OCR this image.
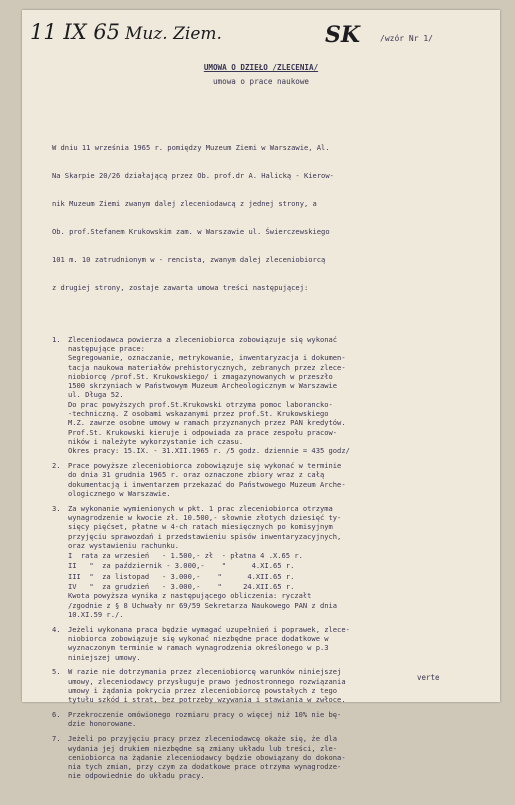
11 IX 65 Muz. Ziem.	SK /wzór Nr 1/
UMOWA O DZIEŁO /ZLECENIA/
umowa o prace naukowe

W dniu 11 września 1965 r. pomiędzy Muzeum Ziemi w Warszawie, Al.

Na Skarpie 20/26 działającą przez Ob. prof.dr A. Halicką - Kierow-

nik Muzeum Ziemi zwanym dalej zleceniodawcą z jednej strony, a

Ob. prof.Stefanem Krukowskim zam. w Warszawie ul. Świerczewskiego

101 m. 10 zatrudnionym w - rencista, zwanym dalej zleceniobiorcą

z drugiej strony, zostaje zawarta umowa treści następującej:

1.	Zleceniodawca powierza a zleceniobiorca zobowiązuje się wykonać
następujące prace:
Segregowanie, oznaczanie, metrykowanie, inwentaryzacja i dokumen-
tacja naukowa materiałów prehistorycznych, zebranych przez zlece-
niobiorcę /prof.St. Krukowskiego/ i zmagazynowanych w przeszło
1500 skrzyniach w Państwowym Muzeum Archeologicznym w Warszawie
ul. Długa 52.
Do prac powyższych prof.St.Krukowski otrzyma pomoc laboranckо-
-techniczną. Z osobami wskazanymi przez prof.St. Krukowskiego
M.Z. zawrze osobne umowy w ramach przyznanych przez PAN kredytów.
Prof.St. Krukowski kieruje i odpowiada za prace zespołu pracow-
ników i należyte wykorzystanie ich czasu.
Okres pracy: 15.IX. - 31.XII.1965 r. /5 godz. dziennie = 435 godz/
2.	Prace powyższe zleceniobiorca zobowiązuje się wykonać w terminie
do dnia 31 grudnia 1965 r. oraz oznaczone zbiory wraz z całą
dokumentacją i inwentarzem przekazać do Państwowego Muzeum Arche-
ologicznego w Warszawie.
3.	Za wykonanie wymienionych w pkt. 1 prac zleceniobiorca otrzyma
wynagrodzenie w kwocie zł. 10.500,- słownie złotych dziesięć ty-
sięcy pięćset, płatne w 4-ch ratach miesięcznych po komisyjnym
przyjęciu sprawozdań i przedstawieniu spisów inwentaryzacyjnych,
oraz wystawieniu rachunku.
I  rata za wrzesień   - 1.500,- zł  - płatna 4 .X.65 r.
II   "  za październik - 3.000,-    "      4.XI.65 r.
III  "  za listopad   - 3.000,-    "      4.XII.65 r.
IV   "  za grudzień   - 3.000,-    "     24.XII.65 r.
Kwota powyższa wynika z następującego obliczenia: ryczałt
/zgodnie z § 8 Uchwały nr 69/59 Sekretarza Naukowego PAN z dnia
10.XI.59 r./.
4.	Jeżeli wykonana praca będzie wymagać uzupełnień i poprawek, zlece-
niobiorca zobowiązuje się wykonać niezbędne prace dodatkowe w
wyznaczonym terminie w ramach wynagrodzenia określonego w p.3
niniejszej umowy.
5.	W razie nie dotrzymania przez zleceniobiorcę warunków niniejszej
umowy, zleceniodawcy przysługuje prawo jednostronnego rozwiązania
umowy i żądania pokrycia przez zleceniobiorcę powstałych z tego
tytułu szkód i strat, bez potrzeby wzywania i stawiania w zwłoce.
6.	Przekroczenie omówionego rozmiaru pracy o więcej niż 10% nie bę-
dzie honorowane.
7.	Jeżeli po przyjęciu pracy przez zleceniodawcę okaże się, że dla
wydania jej drukiem niezbędne są zmiany układu lub treści, zle-
ceniobiorca na żądanie zleceniodawcy będzie obowiązany do dokona-
nia tych zmian, przy czym za dodatkowe prace otrzyma wynagrodze-
nie odpowiednie do układu pracy.

verte
